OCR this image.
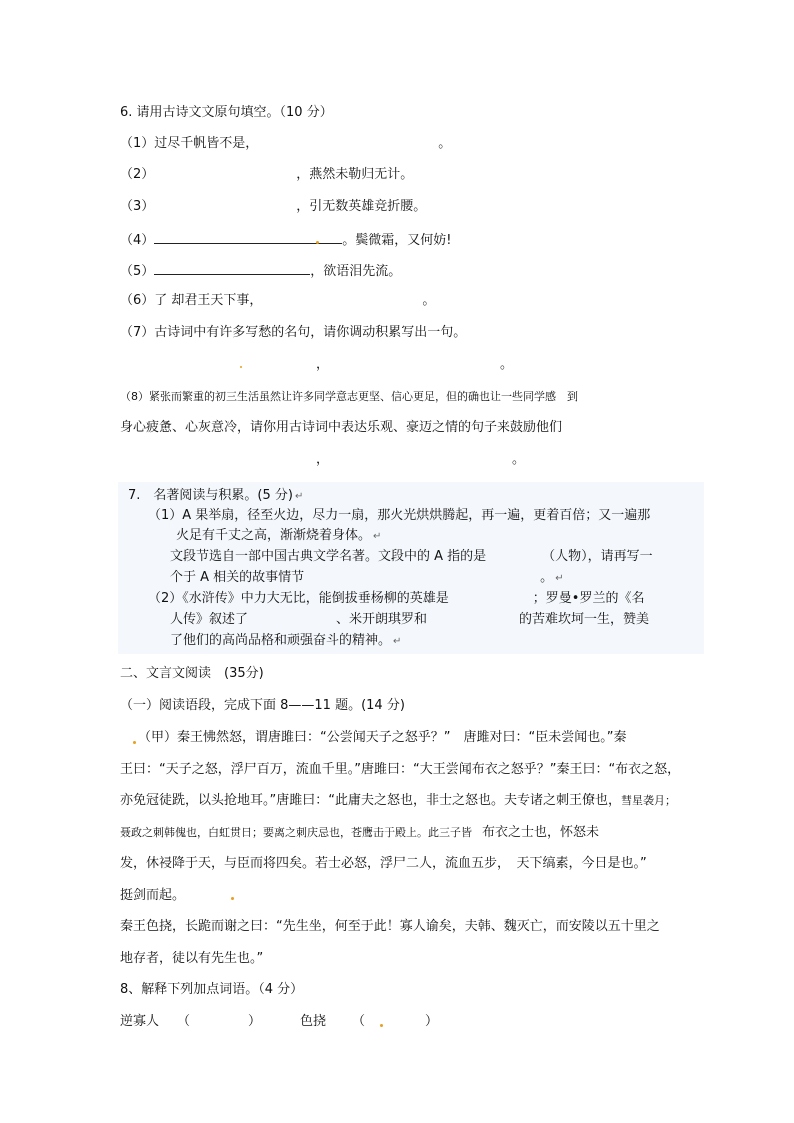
6. 请用古诗文文原句填空。（10 分）
（1）过尽千帆皆不是，	。
（2）	，燕然未勒归无计。
（3）	，引无数英雄竞折腰。
（4）	。鬓微霜，又何妨!
（5）	，欲语泪先流。
（6）了 却君王天下事，	。
（7）古诗词中有许多写愁的名句，请你调动积累写出一句。
，	。
（8）紧张而繁重的初三生活虽然让许多同学意志更坚、信心更足，但的确也让一些同学感　到
身心疲惫、心灰意冷，请你用古诗词中表达乐观、豪迈之情的句子来鼓励他们
，	。
7.　名著阅读与积累。(5 分) ↵
（1）A 果举扇，径至火边，尽力一扇，那火光烘烘腾起，再一遍，更着百倍；又一遍那
火足有千丈之高，渐渐烧着身体。 ↵
文段节选自一部中国古典文学名著。文段中的 A 指的是	（人物），请再写一
个于 A 相关的故事情节	。 ↵
（2）《水浒传》中力大无比，能倒拔垂杨柳的英雄是	；罗曼•罗兰的《名
人传》叙述了	、米开朗琪罗和	的苦难坎坷一生，赞美
了他们的高尚品格和顽强奋斗的精神。 ↵
二、文言文阅读　(35分)
（一）阅读语段，完成下面 8——11 题。(14 分)
（甲）秦王怫然怒，谓唐雎曰：“公尝闻天子之怒乎？”　唐雎对曰：“臣未尝闻也。”秦
王曰：“天子之怒，浮尸百万，流血千里。”唐雎曰：“大王尝闻布衣之怒乎？”秦王曰：“布衣之怒，
亦免冠徒跣，以头抢地耳。”唐雎曰：“此庸夫之怒也，非士之怒也。夫专诸之刺王僚也，彗星袭月；
聂政之刺韩傀也，白虹贯日；要离之刺庆忌也，苍鹰击于殿上。此三子皆 布衣之士也，怀怒未
发，休祲降于天，与臣而将四矣。若士必怒，浮尸二人，流血五步，　天下缟素，今日是也。”
挺剑而起。
秦王色挠，长跪而谢之曰：“先生坐，何至于此！寡人谕矣，夫韩、魏灭亡，而安陵以五十里之
地存者，徒以有先生也。”
8、解释下列加点词语。（4 分）
逆寡人 （	）	色挠 （	）
